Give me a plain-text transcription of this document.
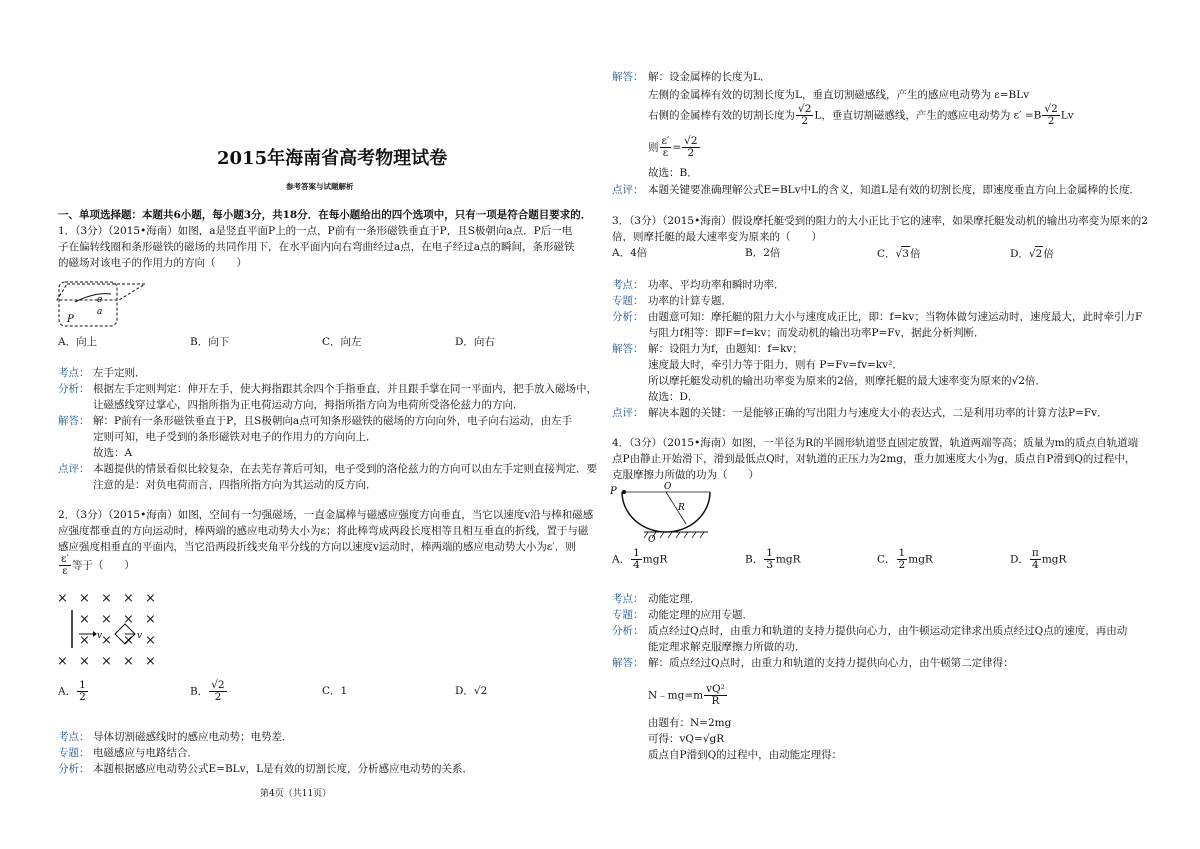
2015年海南省高考物理试卷
参考答案与试题解析
一、单项选择题：本题共6小题，每小题3分，共18分．在每小题给出的四个选项中，只有一项是符合题目要求的．
1．（3分）（2015•海南）如图，a是竖直平面P上的一点，P前有一条形磁铁垂直于P，且S极朝向a点．P后一电
子在偏转线圈和条形磁铁的磁场的共同作用下，在水平面内向右弯曲经过a点，在电子经过a点的瞬间，条形磁铁
的磁场对该电子的作用力的方向（　　）
e
a
P
A．向上	B．向下	C．向左	D．向右
考点： 左手定则．
分析： 根据左手定则判定：伸开左手，使大拇指跟其余四个手指垂直，并且跟手掌在同一平面内，把手放入磁场中，
让磁感线穿过掌心，四指所指为正电荷运动方向，拇指所指方向为电荷所受洛伦兹力的方向．
解答： 解：P前有一条形磁铁垂直于P，且S极朝向a点可知条形磁铁的磁场的方向向外，电子向右运动，由左手
定则可知，电子受到的条形磁铁对电子的作用力的方向向上．
故选：A
点评： 本题提供的情景看似比较复杂，在去芜存菁后可知，电子受到的洛伦兹力的方向可以由左手定则直接判定．要
注意的是：对负电荷而言，四指所指方向为其运动的反方向．
2．（3分）（2015•海南）如图，空间有一匀强磁场，一直金属棒与磁感应强度方向垂直，当它以速度v沿与棒和磁感
应强度都垂直的方向运动时，棒两端的感应电动势大小为ε；将此棒弯成两段长度相等且相互垂直的折线，置于与磁
感应强度相垂直的平面内，当它沿两段折线夹角平分线的方向以速度v运动时，棒两端的感应电动势大小为ε′．则
$\frac{\varepsilon'}{\varepsilon}$ 等于（　　）
× × × × ×
× × × ×
× × × ×
× × × × ×
v	v
A． $\frac{1}{2}$	B． $\frac{√2}{2}$	C．1	D．√2
考点： 导体切割磁感线时的感应电动势；电势差．
专题： 电磁感应与电路结合．
分析： 本题根据感应电动势公式E=BLv，L是有效的切割长度，分析感应电动势的关系．
第4页（共11页）
解答： 解：设金属棒的长度为L．
左侧的金属棒有效的切割长度为L，垂直切割磁感线，产生的感应电动势为 ε=BLv
右侧的金属棒有效的切割长度为 $\frac{√2}{2}$ L，垂直切割磁感线，产生的感应电动势为 $\varepsilon' =B \frac{√2}{2}$ Lv
则 $\frac{\varepsilon'}{\varepsilon} = \frac{√2}{2}$
故选：B．
点评： 本题关键要准确理解公式E=BLv中L的含义，知道L是有效的切割长度，即速度垂直方向上金属棒的长度．
3．（3分）（2015•海南）假设摩托艇受到的阻力的大小正比于它的速率，如果摩托艇发动机的输出功率变为原来的2
倍，则摩托艇的最大速率变为原来的（　　）
A．4倍	B．2倍	C．√3倍	D．√2倍
考点： 功率、平均功率和瞬时功率．
专题： 功率的计算专题．
分析： 由题意可知：摩托艇的阻力大小与速度成正比，即：f=kv；当物体做匀速运动时，速度最大，此时牵引力F
与阻力f相等：即F=f=kv；而发动机的输出功率P=Fv，据此分析判断．
解答： 解：设阻力为f，由题知：f=kv；
速度最大时，牵引力等于阻力，则有 P=Fv=fv=kv²．
所以摩托艇发动机的输出功率变为原来的2倍，则摩托艇的最大速率变为原来的√2倍．
故选：D．
点评： 解决本题的关键：一是能够正确的写出阻力与速度大小的表达式，二是利用功率的计算方法P=Fv．
4．（3分）（2015•海南）如图，一半径为R的半圆形轨道竖直固定放置，轨道两端等高；质量为m的质点自轨道端
点P由静止开始滑下，滑到最低点Q时，对轨道的正压力为2mg，重力加速度大小为g，质点自P滑到Q的过程中，
克服摩擦力所做的功为（　　）
P	O
R
Q
A． $\frac{1}{4}$ mgR	B． $\frac{1}{3}$ mgR	C． $\frac{1}{2}$ mgR	D． $\frac{\pi}{4}$ mgR
考点： 动能定理．
专题： 动能定理的应用专题．
分析： 质点经过Q点时，由重力和轨道的支持力提供向心力，由牛顿运动定律求出质点经过Q点的速度，再由动
能定理求解克服摩擦力所做的功．
解答： 解：质点经过Q点时，由重力和轨道的支持力提供向心力，由牛顿第二定律得：
N﹣mg=m $\frac{\text{vQ²}}{R}$
由题有：N=2mg
可得：vQ=√gR
质点自P滑到Q的过程中，由动能定理得：
